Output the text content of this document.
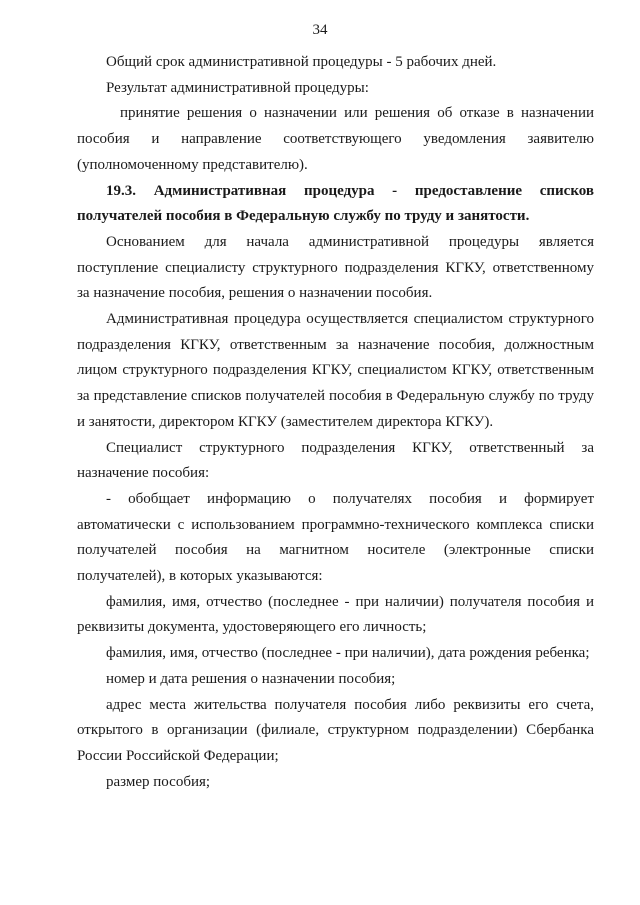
34

Общий срок административной процедуры - 5 рабочих дней.

Результат административной процедуры:

принятие решения о назначении или решения об отказе в назначении пособия и направление соответствующего уведомления заявителю (уполномоченному представителю).

19.3. Административная процедура - предоставление списков получателей пособия в Федеральную службу по труду и занятости.

Основанием для начала административной процедуры является поступление специалисту структурного подразделения КГКУ, ответственному за назначение пособия, решения о назначении пособия.

Административная процедура осуществляется специалистом структурного подразделения КГКУ, ответственным за назначение пособия, должностным лицом структурного подразделения КГКУ, специалистом КГКУ, ответственным за представление списков получателей пособия в Федеральную службу по труду и занятости, директором КГКУ (заместителем директора КГКУ).

Специалист структурного подразделения КГКУ, ответственный за назначение пособия:

- обобщает информацию о получателях пособия и формирует автоматически с использованием программно-технического комплекса списки получателей пособия на магнитном носителе (электронные списки получателей), в которых указываются:

фамилия, имя, отчество (последнее - при наличии) получателя пособия и реквизиты документа, удостоверяющего его личность;

фамилия, имя, отчество (последнее - при наличии), дата рождения ребенка;

номер и дата решения о назначении пособия;

адрес места жительства получателя пособия либо реквизиты его счета, открытого в организации (филиале, структурном подразделении) Сбербанка России Российской Федерации;

размер пособия;
